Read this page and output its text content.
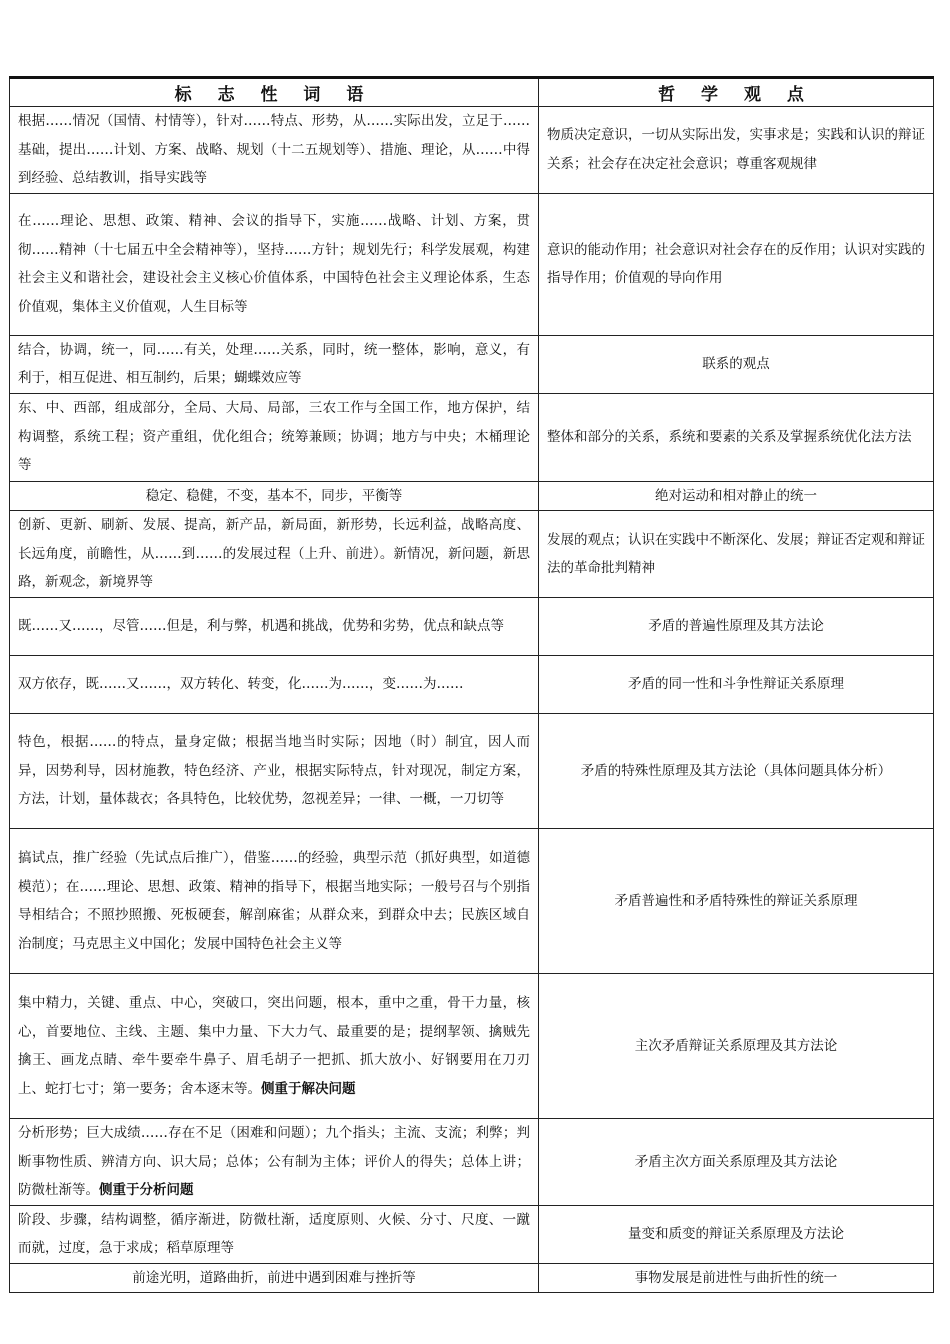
标 志 性 词 语	哲 学 观 点
根据……情况（国情、村情等），针对……特点、形势，从……实际出发，立足于……基础，提出……计划、方案、战略、规划（十二五规划等）、措施、理论，从……中得到经验、总结教训，指导实践等	物质决定意识，一切从实际出发，实事求是；实践和认识的辩证关系；社会存在决定社会意识；尊重客观规律
在……理论、思想、政策、精神、会议的指导下，实施……战略、计划、方案，贯彻……精神（十七届五中全会精神等），坚持……方针；规划先行；科学发展观，构建社会主义和谐社会，建设社会主义核心价值体系，中国特色社会主义理论体系，生态价值观，集体主义价值观，人生目标等	意识的能动作用；社会意识对社会存在的反作用；认识对实践的指导作用；价值观的导向作用
结合，协调，统一，同……有关，处理……关系，同时，统一整体，影响，意义，有利于，相互促进、相互制约，后果；蝴蝶效应等	联系的观点
东、中、西部，组成部分，全局、大局、局部，三农工作与全国工作，地方保护，结构调整，系统工程；资产重组，优化组合；统筹兼顾；协调；地方与中央；木桶理论等	整体和部分的关系，系统和要素的关系及掌握系统优化法方法
稳定、稳健，不变，基本不，同步，平衡等	绝对运动和相对静止的统一
创新、更新、刷新、发展、提高，新产品，新局面，新形势，长远利益，战略高度、长远角度，前瞻性，从……到……的发展过程（上升、前进）。新情况，新问题，新思路，新观念，新境界等	发展的观点；认识在实践中不断深化、发展；辩证否定观和辩证法的革命批判精神
既……又……，尽管……但是，利与弊，机遇和挑战，优势和劣势，优点和缺点等	矛盾的普遍性原理及其方法论
双方依存，既……又……，双方转化、转变，化……为……，变……为……	矛盾的同一性和斗争性辩证关系原理
特色，根据……的特点，量身定做；根据当地当时实际；因地（时）制宜，因人而异，因势利导，因材施教，特色经济、产业，根据实际特点，针对现况，制定方案，方法，计划，量体裁衣；各具特色，比较优势，忽视差异；一律、一概，一刀切等	矛盾的特殊性原理及其方法论（具体问题具体分析）
搞试点，推广经验（先试点后推广），借鉴……的经验，典型示范（抓好典型，如道德模范）；在……理论、思想、政策、精神的指导下，根据当地实际；一般号召与个别指导相结合；不照抄照搬、死板硬套，解剖麻雀；从群众来，到群众中去；民族区域自治制度；马克思主义中国化；发展中国特色社会主义等	矛盾普遍性和矛盾特殊性的辩证关系原理
集中精力，关键、重点、中心，突破口，突出问题，根本，重中之重，骨干力量，核心，首要地位、主线、主题、集中力量、下大力气、最重要的是；提纲挈领、擒贼先擒王、画龙点睛、牵牛要牵牛鼻子、眉毛胡子一把抓、抓大放小、好钢要用在刀刃上、蛇打七寸；第一要务；舍本逐末等。侧重于解决问题	主次矛盾辩证关系原理及其方法论
分析形势；巨大成绩……存在不足（困难和问题）；九个指头；主流、支流；利弊；判断事物性质、辨清方向、识大局；总体；公有制为主体；评价人的得失；总体上讲；防微杜渐等。侧重于分析问题	矛盾主次方面关系原理及其方法论
阶段、步骤，结构调整，循序渐进，防微杜渐，适度原则、火候、分寸、尺度、一蹴而就，过度，急于求成；稻草原理等	量变和质变的辩证关系原理及方法论
前途光明，道路曲折，前进中遇到困难与挫折等	事物发展是前进性与曲折性的统一
